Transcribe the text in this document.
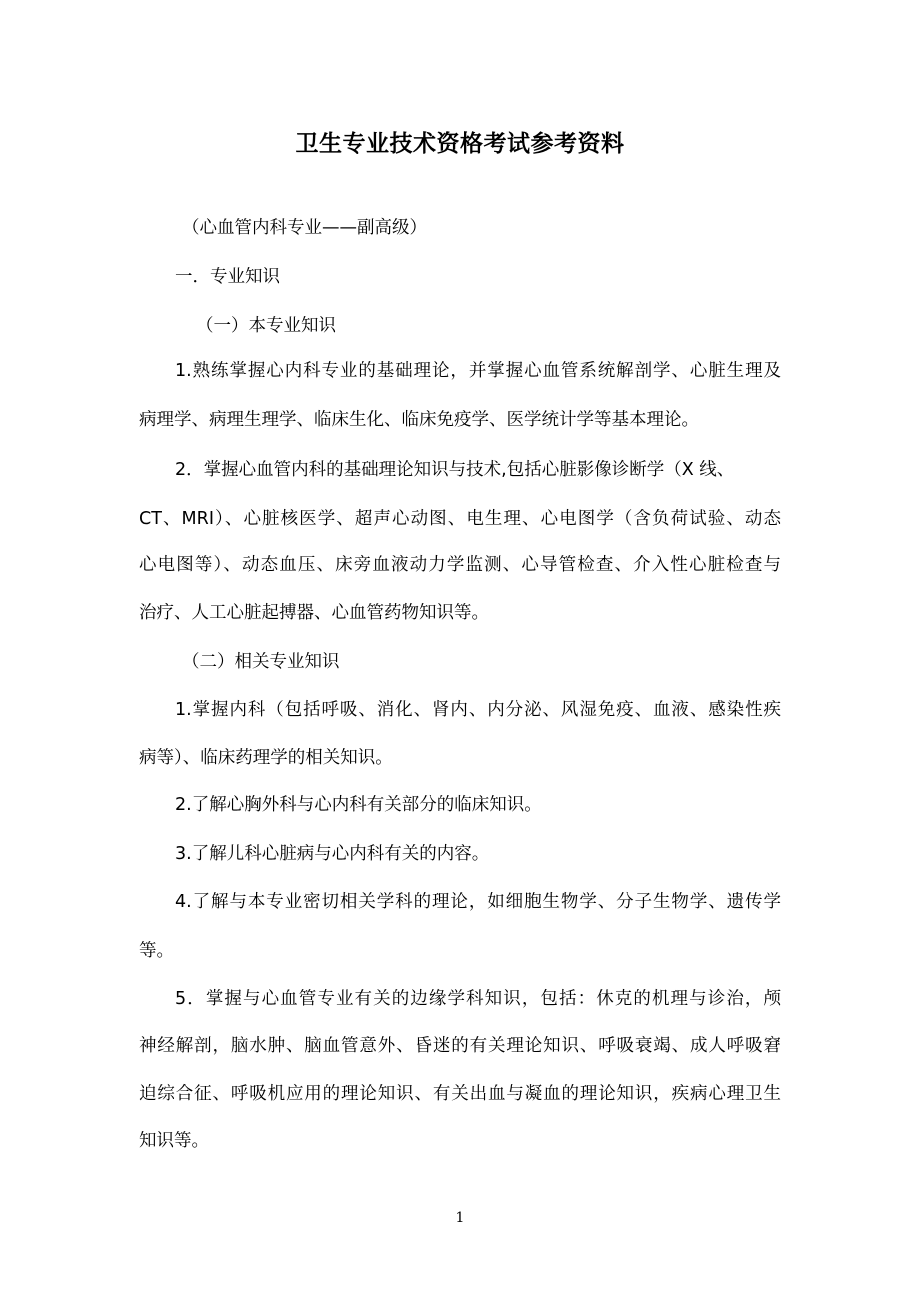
卫生专业技术资格考试参考资料
（心血管内科专业——副高级）
一．专业知识
（一）本专业知识
1.熟练掌握心内科专业的基础理论，并掌握心血管系统解剖学、心脏生理及
病理学、病理生理学、临床生化、临床免疫学、医学统计学等基本理论。
2．掌握心血管内科的基础理论知识与技术,包括心脏影像诊断学（X 线、
CT、MRI）、心脏核医学、超声心动图、电生理、心电图学（含负荷试验、动态
心电图等）、动态血压、床旁血液动力学监测、心导管检查、介入性心脏检查与
治疗、人工心脏起搏器、心血管药物知识等。
（二）相关专业知识
1.掌握内科（包括呼吸、消化、肾内、内分泌、风湿免疫、血液、感染性疾
病等）、临床药理学的相关知识。
2.了解心胸外科与心内科有关部分的临床知识。
3.了解儿科心脏病与心内科有关的内容。
4.了解与本专业密切相关学科的理论，如细胞生物学、分子生物学、遗传学
等。
5．掌握与心血管专业有关的边缘学科知识，包括：休克的机理与诊治，颅
神经解剖，脑水肿、脑血管意外、昏迷的有关理论知识、呼吸衰竭、成人呼吸窘
迫综合征、呼吸机应用的理论知识、有关出血与凝血的理论知识，疾病心理卫生
知识等。
1
